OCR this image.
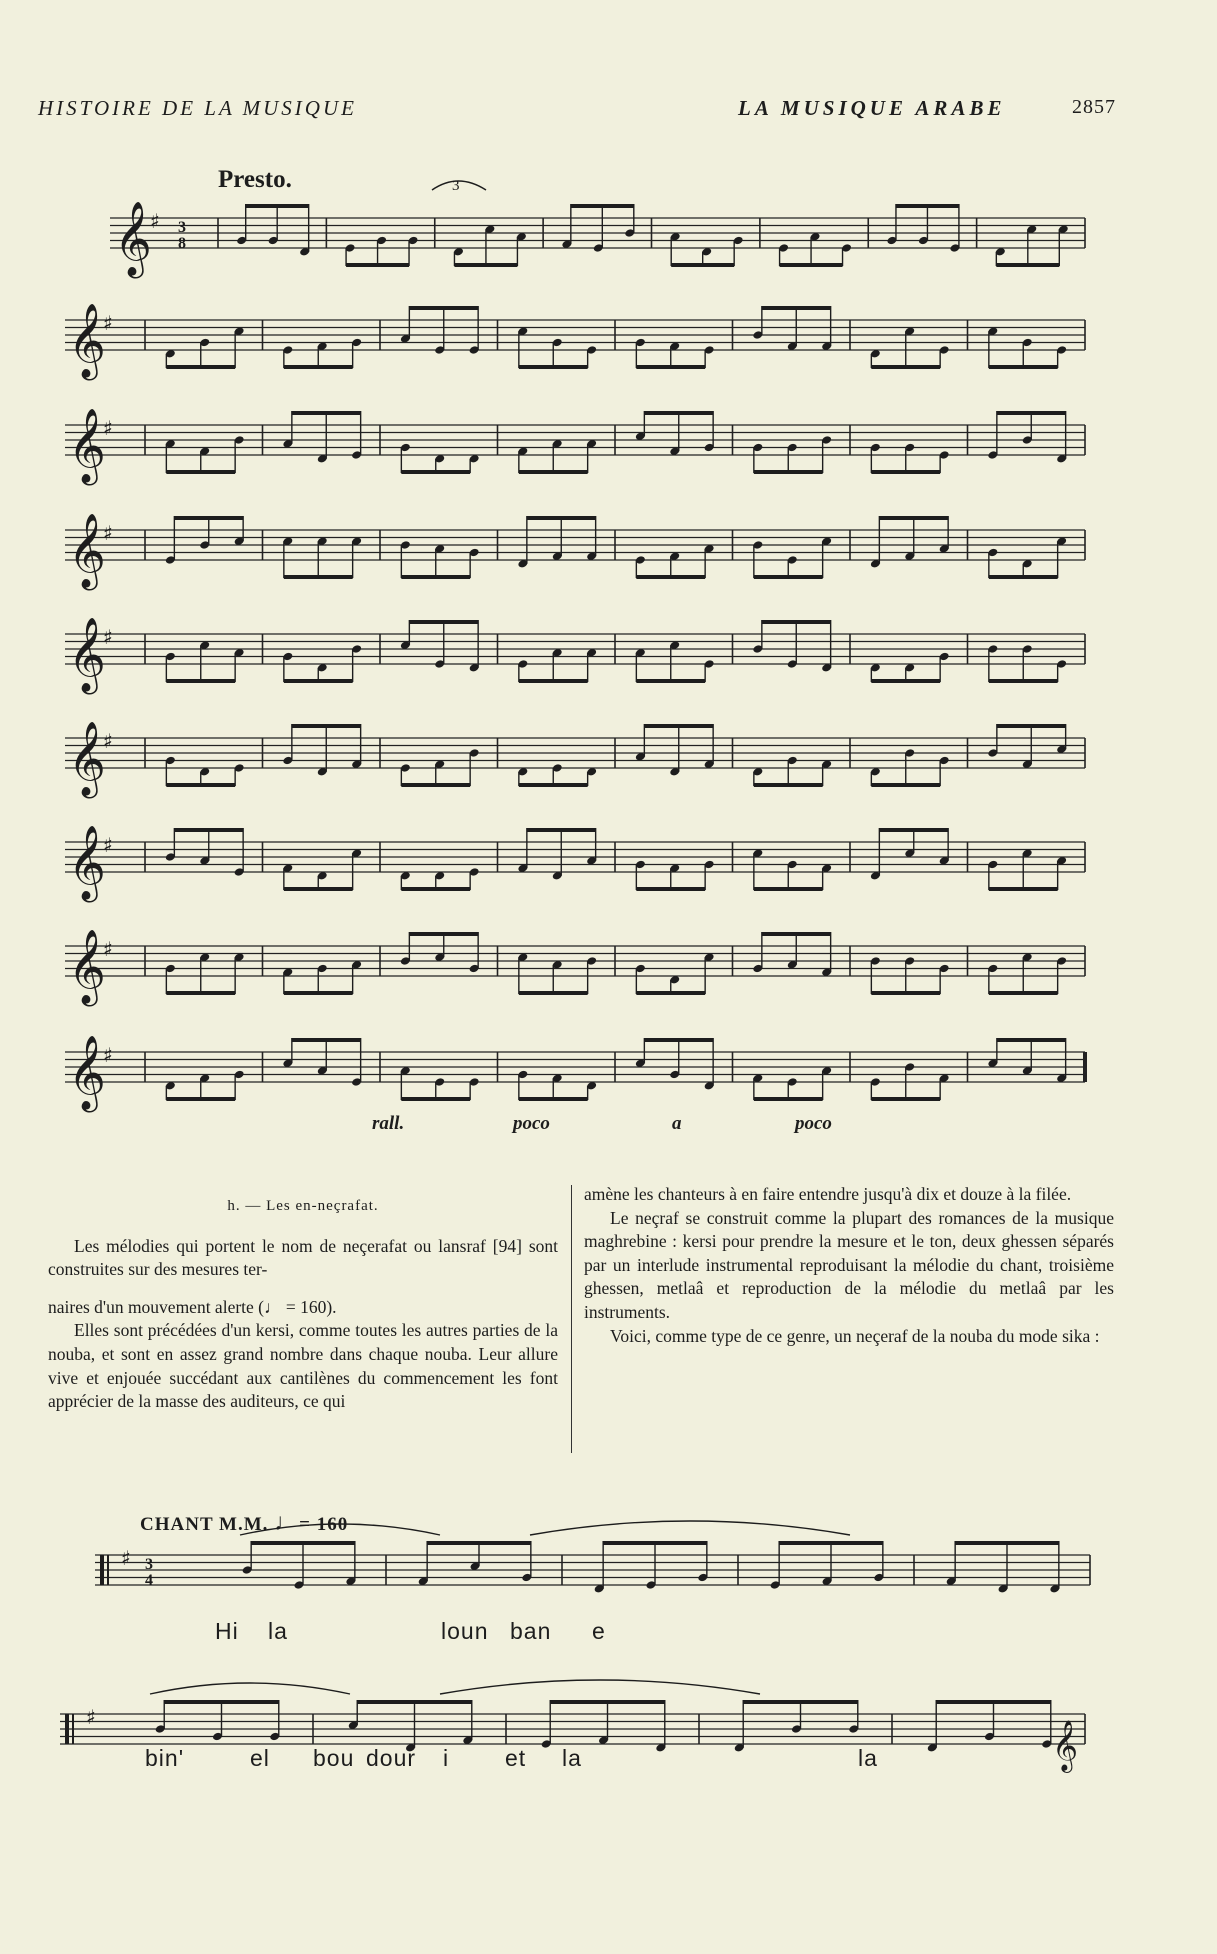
HISTOIRE DE LA MUSIQUE	LA MUSIQUE ARABE	2857
Presto.
𝄞
♯ 3
8
𝄞
♯
𝄞
♯
𝄞
♯
𝄞
♯
𝄞
♯
𝄞
♯
𝄞
♯
𝄞
♯
3
♯ 3
4
♯
𝄞
rall.	poco	a	poco

h. — Les en-neçrafat.

Les mélodies qui portent le nom de neçerafat ou lansraf [94] sont construites sur des mesures ter-

naires d'un mouvement alerte (♩ = 160).

Elles sont précédées d'un kersi, comme toutes les autres parties de la nouba, et sont en assez grand nombre dans chaque nouba. Leur allure vive et enjouée succédant aux cantilènes du commencement les font apprécier de la masse des auditeurs, ce qui

amène les chanteurs à en faire entendre jusqu'à dix et douze à la filée.

Le neçraf se construit comme la plupart des romances de la musique maghrebine : kersi pour prendre la mesure et le ton, deux ghessen séparés par un interlude instrumental reproduisant la mélodie du chant, troisième ghessen, metlaâ et reproduction de la mélodie du metlaâ par les instruments.

Voici, comme type de ce genre, un neçeraf de la nouba du mode sika :

CHANT M.M. ♩= 160
Hi la	loun ban e
bin'	el bou dour i et la	la
